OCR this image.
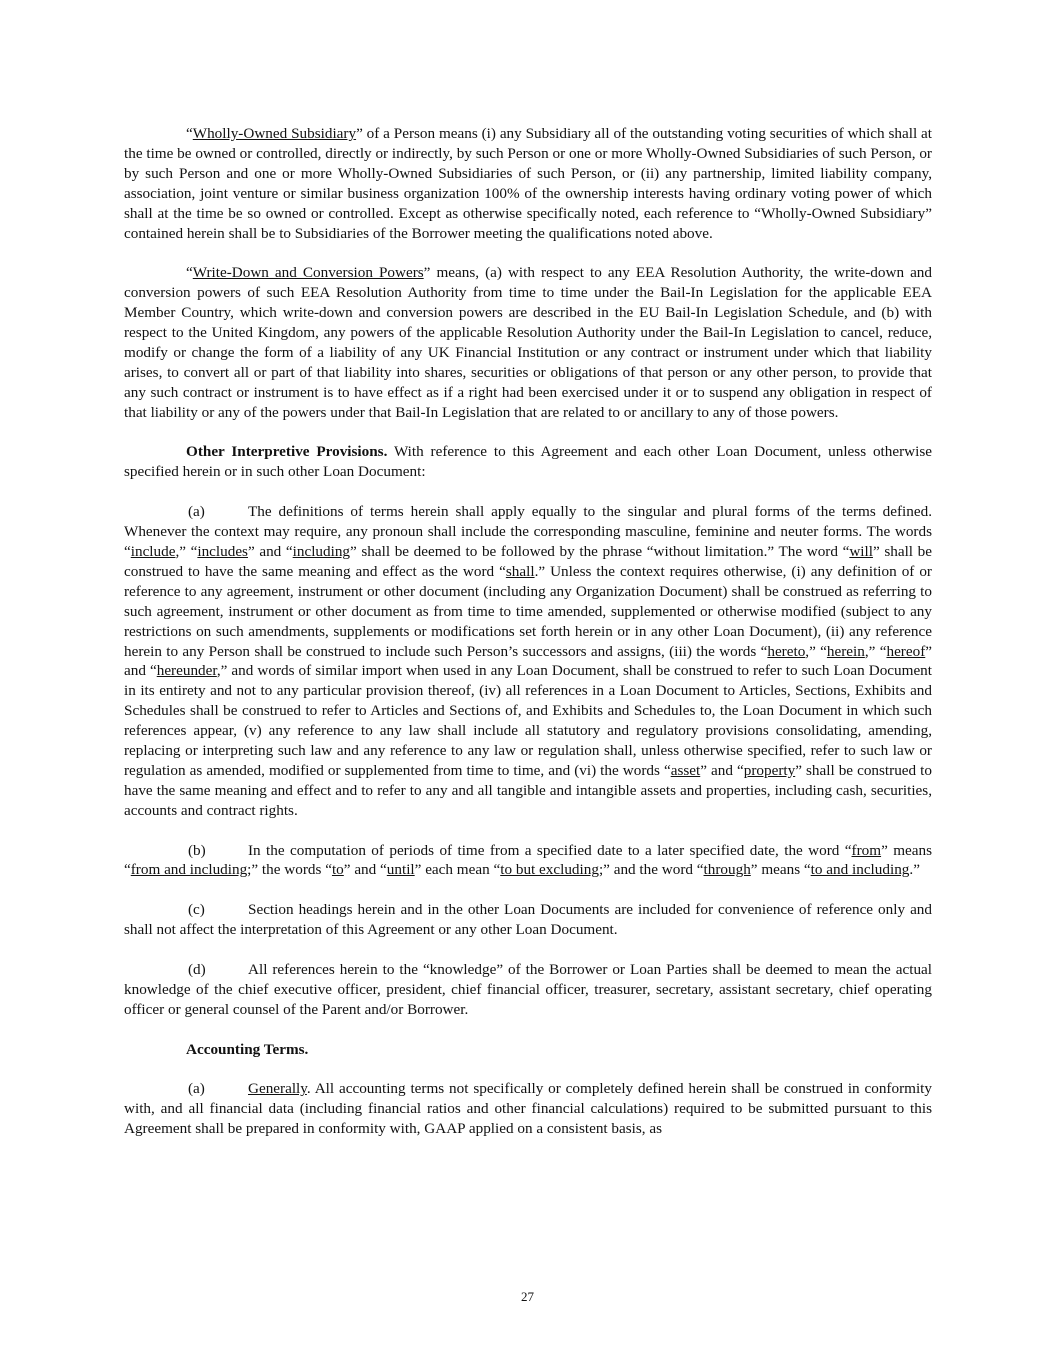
“Wholly-Owned Subsidiary” of a Person means (i) any Subsidiary all of the outstanding voting securities of which shall at the time be owned or controlled, directly or indirectly, by such Person or one or more Wholly-Owned Subsidiaries of such Person, or by such Person and one or more Wholly-Owned Subsidiaries of such Person, or (ii) any partnership, limited liability company, association, joint venture or similar business organization 100% of the ownership interests having ordinary voting power of which shall at the time be so owned or controlled. Except as otherwise specifically noted, each reference to “Wholly-Owned Subsidiary” contained herein shall be to Subsidiaries of the Borrower meeting the qualifications noted above.

“Write-Down and Conversion Powers” means, (a) with respect to any EEA Resolution Authority, the write-down and conversion powers of such EEA Resolution Authority from time to time under the Bail-In Legislation for the applicable EEA Member Country, which write-down and conversion powers are described in the EU Bail-In Legislation Schedule, and (b) with respect to the United Kingdom, any powers of the applicable Resolution Authority under the Bail-In Legislation to cancel, reduce, modify or change the form of a liability of any UK Financial Institution or any contract or instrument under which that liability arises, to convert all or part of that liability into shares, securities or obligations of that person or any other person, to provide that any such contract or instrument is to have effect as if a right had been exercised under it or to suspend any obligation in respect of that liability or any of the powers under that Bail-In Legislation that are related to or ancillary to any of those powers.

Other Interpretive Provisions. With reference to this Agreement and each other Loan Document, unless otherwise specified herein or in such other Loan Document:

(a)	The definitions of terms herein shall apply equally to the singular and plural forms of the terms defined. Whenever the context may require, any pronoun shall include the corresponding masculine, feminine and neuter forms. The words “include,” “includes” and “including” shall be deemed to be followed by the phrase “without limitation.” The word “will” shall be construed to have the same meaning and effect as the word “shall.” Unless the context requires otherwise, (i) any definition of or reference to any agreement, instrument or other document (including any Organization Document) shall be construed as referring to such agreement, instrument or other document as from time to time amended, supplemented or otherwise modified (subject to any restrictions on such amendments, supplements or modifications set forth herein or in any other Loan Document), (ii) any reference herein to any Person shall be construed to include such Person’s successors and assigns, (iii) the words “hereto,” “herein,” “hereof” and “hereunder,” and words of similar import when used in any Loan Document, shall be construed to refer to such Loan Document in its entirety and not to any particular provision thereof, (iv) all references in a Loan Document to Articles, Sections, Exhibits and Schedules shall be construed to refer to Articles and Sections of, and Exhibits and Schedules to, the Loan Document in which such references appear, (v) any reference to any law shall include all statutory and regulatory provisions consolidating, amending, replacing or interpreting such law and any reference to any law or regulation shall, unless otherwise specified, refer to such law or regulation as amended, modified or supplemented from time to time, and (vi) the words “asset” and “property” shall be construed to have the same meaning and effect and to refer to any and all tangible and intangible assets and properties, including cash, securities, accounts and contract rights.

(b)	In the computation of periods of time from a specified date to a later specified date, the word “from” means “from and including;” the words “to” and “until” each mean “to but excluding;” and the word “through” means “to and including.”

(c)	Section headings herein and in the other Loan Documents are included for convenience of reference only and shall not affect the interpretation of this Agreement or any other Loan Document.

(d)	All references herein to the “knowledge” of the Borrower or Loan Parties shall be deemed to mean the actual knowledge of the chief executive officer, president, chief financial officer, treasurer, secretary, assistant secretary, chief operating officer or general counsel of the Parent and/or Borrower.

Accounting Terms.

(a)	Generally. All accounting terms not specifically or completely defined herein shall be construed in conformity with, and all financial data (including financial ratios and other financial calculations) required to be submitted pursuant to this Agreement shall be prepared in conformity with, GAAP applied on a consistent basis, as

27
